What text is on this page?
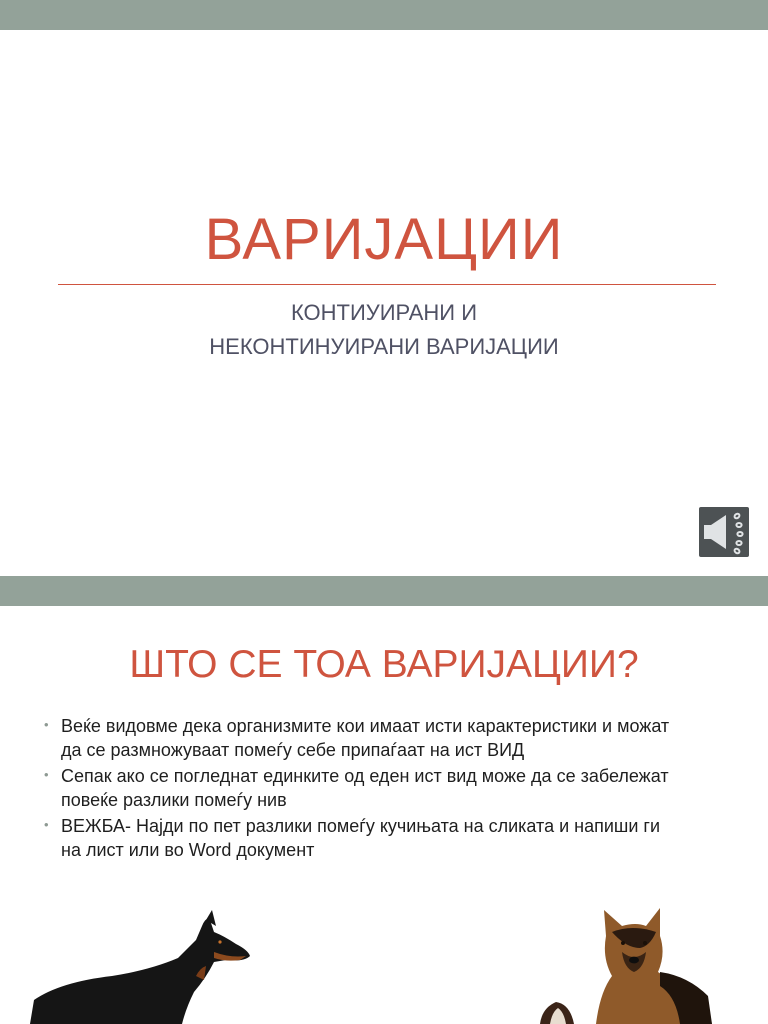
ВАРИЈАЦИИ
КОНТИУИРАНИ И
НЕКОНТИНУИРАНИ ВАРИЈАЦИИ
ШТО СЕ ТОА ВАРИЈАЦИИ?
• Веќе видовме дека организмите кои имаат исти карактеристики и можат
да се размножуваат помеѓу себе припаѓаат на ист ВИД
• Сепак ако се погледнат единките од еден ист вид може да се забележат
повеќе разлики помеѓу нив
• ВЕЖБА- Најди по пет разлики помеѓу кучињата на сликата и напиши ги
на лист или во Word документ
